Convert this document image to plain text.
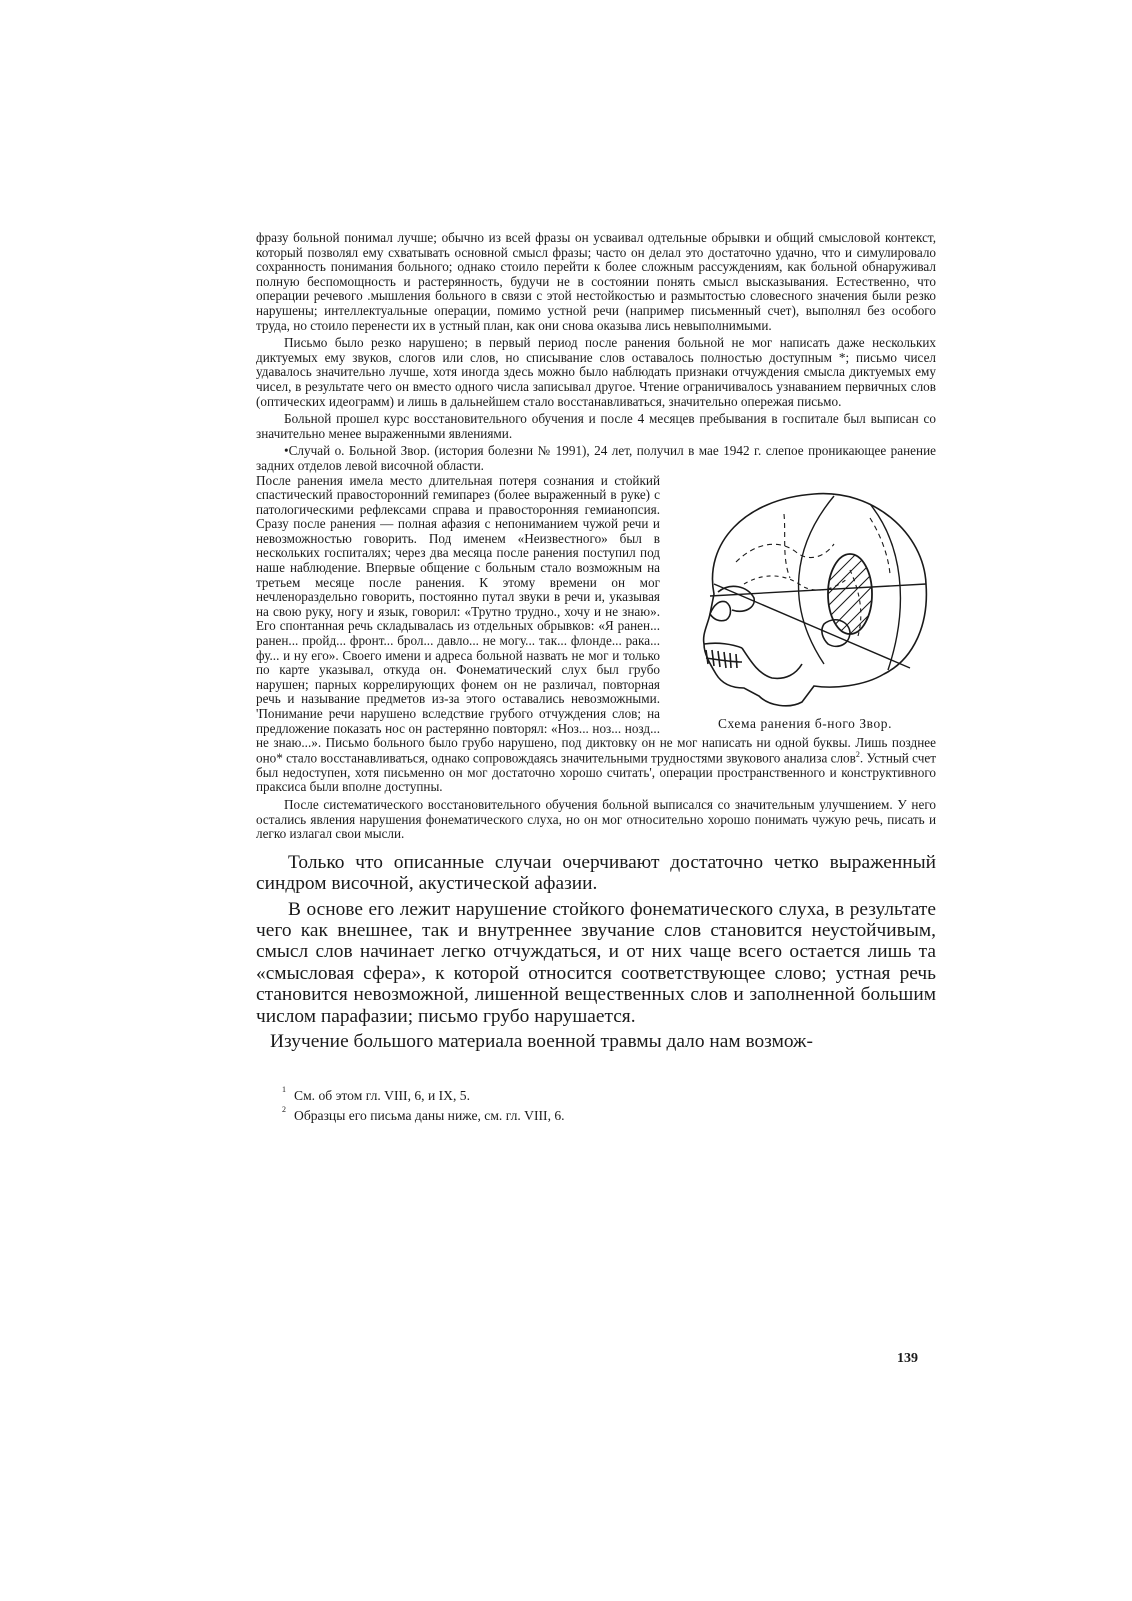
фразу больной понимал лучше; обычно из всей фразы он усваивал одтельные обрывки и общий смысловой контекст, который позволял ему схватывать основной смысл фразы; часто он делал это достаточно удачно, что и симулировало сохранность понимания больного; однако стоило перейти к более сложным рассуждениям, как больной обнаруживал полную беспомощность и растерянность, будучи не в состоянии понять смысл высказывания. Естественно, что операции речевого .мышления больного в связи с этой нестойкостью и размытостью словесного значения были резко нарушены; интеллектуальные операции, помимо устной речи (например письменный счет), выполнял без особого труда, но стоило перенести их в устный план, как они снова оказыва лись невыполнимыми.

Письмо было резко нарушено; в первый период после ранения больной не мог написать даже нескольких диктуемых ему звуков, слогов или слов, но списывание слов оставалось полностью доступным *; письмо чисел удавалось значительно лучше, хотя иногда здесь можно было наблюдать признаки отчуждения смысла диктуемых ему чисел, в результате чего он вместо одного числа записывал другое. Чтение ограничивалось узнаванием первичных слов (оптических идеограмм) и лишь в дальнейшем стало восстанавливаться, значительно опережая письмо.

Больной прошел курс восстановительного обучения и после 4 месяцев пребывания в госпитале был выписан со значительно менее выраженными явлениями.

•Случай о. Больной Звор. (история болезни № 1991), 24 лет, получил в мае 1942 г. слепое проникающее ранение задних отделов левой височной области.

Схема ранения б-ного Звор.

После ранения имела место длительная потеря сознания и стойкий спастический правосторонний гемипарез (более выраженный в руке) с патологическими рефлексами справа и правосторонняя гемианопсия. Сразу после ранения — полная афазия с непониманием чужой речи и невозможностью говорить. Под именем «Неизвестного» был в нескольких госпиталях; через два месяца после ранения поступил под наше наблюдение. Впервые общение с больным стало возможным на третьем месяце после ранения. К этому времени он мог нечленораздельно говорить, постоянно путал звуки в речи и, указывая на свою руку, ногу и язык, говорил: «Трутно трудно., хочу и не знаю». Его спонтанная речь складывалась из отдельных обрывков: «Я ранен... ранен... пройд... фронт... брол... давло... не могу... так... флонде... рака... фу... и ну его». Своего имени и адреса больной назвать не мог и только по карте указывал, откуда он. Фонематический слух был грубо нарушен; парных коррелирующих фонем он не различал, повторная речь и называние предметов из-за этого оставались невозможными. 'Понимание речи нарушено вследствие грубого отчуждения слов; на предложение показать нос он растерянно повторял: «Ноз... ноз... нозд... не знаю...». Письмо больного было грубо нарушено, под диктовку он не мог написать ни одной буквы. Лишь позднее оно* стало восстанавливаться, однако сопровождаясь значительными трудностями звукового анализа слов$^2$. Устный счет был недоступен, хотя письменно он мог достаточно хорошо считать', операции пространственного и конструктивного праксиса были вполне доступны.

После систематического восстановительного обучения больной выписался со значительным улучшением. У него остались явления нарушения фонематического слуха, но он мог относительно хорошо понимать чужую речь, писать и легко излагал свои мысли.

Только что описанные случаи очерчивают достаточно четко выраженный синдром височной, акустической афазии.

В основе его лежит нарушение стойкого фонематического слуха, в результате чего как внешнее, так и внутреннее звучание слов становится неустойчивым, смысл слов начинает легко отчуждаться, и от них чаще всего остается лишь та «смысловая сфера», к которой относится соответствующее слово; устная речь становится невозможной, лишенной вещественных слов и заполненной большим числом парафазии; письмо грубо нарушается.

Изучение большого материала военной травмы дало нам возмож-

1 См. об этом гл. VIII, 6, и IX, 5.
2 Образцы его письма даны ниже, см. гл. VIII, 6.
139
